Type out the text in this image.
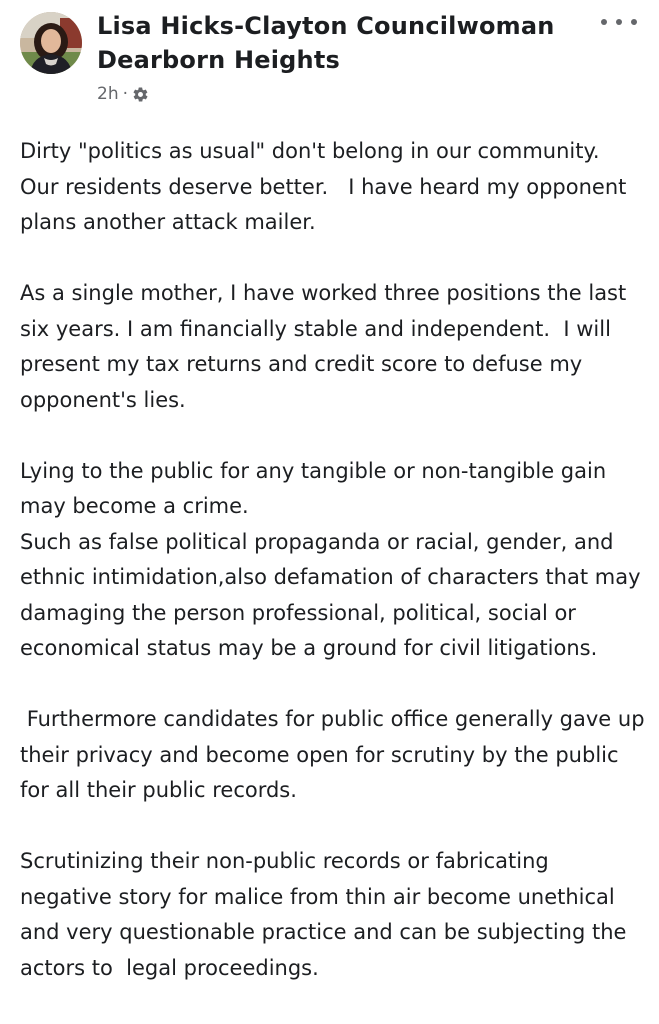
Lisa Hicks-Clayton Councilwoman Dearborn Heights
2h ·

Dirty "politics as usual" don't belong in our community.  Our residents deserve better.   I have heard my opponent plans another attack mailer.

As a single mother, I have worked three positions the last six years. I am financially stable and independent.  I will present my tax returns and credit score to defuse my opponent's lies.

Lying to the public for any tangible or non-tangible gain may become a crime.

Such as false political propaganda or racial, gender, and ethnic intimidation,also defamation of characters that may damaging the person professional, political, social or economical status may be a ground for civil litigations.

Furthermore candidates for public office generally gave up their privacy and become open for scrutiny by the public for all their public records.

Scrutinizing their non-public records or fabricating negative story for malice from thin air become unethical and very questionable practice and can be subjecting the actors to  legal proceedings.
